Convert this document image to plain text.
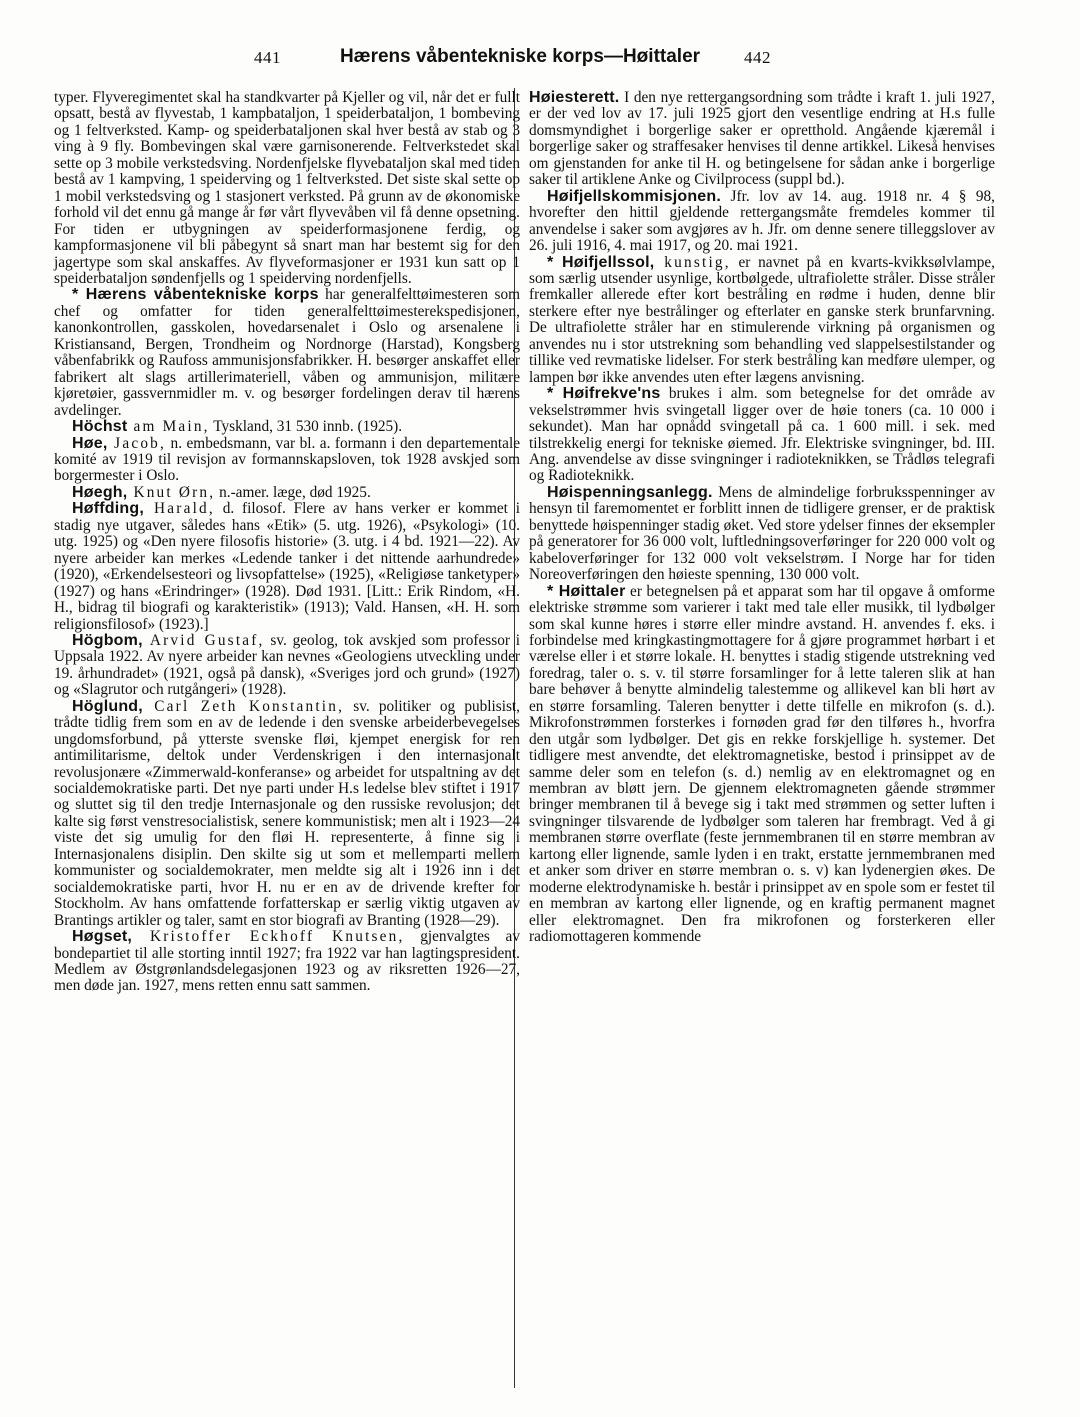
441	Hærens våbentekniske korps—Høittaler	442

typer. Flyveregimentet skal ha standkvarter på Kjeller og vil, når det er fullt opsatt, bestå av flyvestab, 1 kampbataljon, 1 speiderbataljon, 1 bombeving og 1 feltverksted. Kamp- og speiderbataljonen skal hver bestå av stab og 3 ving à 9 fly. Bombevingen skal være garnisonerende. Feltverkstedet skal sette op 3 mobile verkstedsving. Nordenfjelske flyvebataljon skal med tiden bestå av 1 kampving, 1 speiderving og 1 feltverksted. Det siste skal sette op 1 mobil verkstedsving og 1 stasjonert verksted. På grunn av de økonomiske forhold vil det ennu gå mange år før vårt flyvevåben vil få denne opsetning. For tiden er utbygningen av speiderformasjonene ferdig, og kampformasjonene vil bli påbegynt så snart man har bestemt sig for den jagertype som skal anskaffes. Av flyveformasjoner er 1931 kun satt op 1 speiderbataljon søndenfjells og 1 speiderving nordenfjells.

* Hærens våbentekniske korps har generalfelttøimesteren som chef og omfatter for tiden generalfelttøimesterekspedisjonen, kanonkontrollen, gasskolen, hovedarsenalet i Oslo og arsenalene i Kristiansand, Bergen, Trondheim og Nordnorge (Harstad), Kongsberg våbenfabrikk og Raufoss ammunisjonsfabrikker. H. besørger anskaffet eller fabrikert alt slags artillerimateriell, våben og ammunisjon, militære kjøretøier, gassvernmidler m. v. og besørger fordelingen derav til hærens avdelinger.

Höchst am Main, Tyskland, 31 530 innb. (1925).

Høe, Jacob, n. embedsmann, var bl. a. formann i den departementale komité av 1919 til revisjon av formannskapsloven, tok 1928 avskjed som borgermester i Oslo.

Høegh, Knut Ørn, n.-amer. læge, død 1925.

Høffding, Harald, d. filosof. Flere av hans verker er kommet i stadig nye utgaver, således hans «Etik» (5. utg. 1926), «Psykologi» (10. utg. 1925) og «Den nyere filosofis historie» (3. utg. i 4 bd. 1921—22). Av nyere arbeider kan merkes «Ledende tanker i det nittende aarhundrede» (1920), «Erkendelsesteori og livsopfattelse» (1925), «Religiøse tanketyper» (1927) og hans «Erindringer» (1928). Død 1931. [Litt.: Erik Rindom, «H. H., bidrag til biografi og karakteristik» (1913); Vald. Hansen, «H. H. som religionsfilosof» (1923).]

Högbom, Arvid Gustaf, sv. geolog, tok avskjed som professor i Uppsala 1922. Av nyere arbeider kan nevnes «Geologiens utveckling under 19. århundradet» (1921, også på dansk), «Sveriges jord och grund» (1927) og «Slagrutor och rutgångeri» (1928).

Höglund, Carl Zeth Konstantin, sv. politiker og publisist, trådte tidlig frem som en av de ledende i den svenske arbeiderbevegelses ungdomsforbund, på ytterste svenske fløi, kjempet energisk for ren antimilitarisme, deltok under Verdenskrigen i den internasjonalt revolusjonære «Zimmerwald-konferanse» og arbeidet for utspaltning av det socialdemokratiske parti. Det nye parti under H.s ledelse blev stiftet i 1917 og sluttet sig til den tredje Internasjonale og den russiske revolusjon; det kalte sig først venstresocialistisk, senere kommunistisk; men alt i 1923—24 viste det sig umulig for den fløi H. representerte, å finne sig i Internasjonalens disiplin. Den skilte sig ut som et mellemparti mellem kommunister og socialdemokrater, men meldte sig alt i 1926 inn i det socialdemokratiske parti, hvor H. nu er en av de drivende krefter for Stockholm. Av hans omfattende forfatterskap er særlig viktig utgaven av Brantings artikler og taler, samt en stor biografi av Branting (1928—29).

Høgset, Kristoffer Eckhoff Knutsen, gjenvalgtes av bondepartiet til alle storting inntil 1927; fra 1922 var han lagtingspresident. Medlem av Østgrønlandsdelegasjonen 1923 og av riksretten 1926—27, men døde jan. 1927, mens retten ennu satt sammen.

Høiesterett. I den nye rettergangsordning som trådte i kraft 1. juli 1927, er der ved lov av 17. juli 1925 gjort den vesentlige endring at H.s fulle domsmyndighet i borgerlige saker er opretthold. Angående kjæremål i borgerlige saker og straffesaker henvises til denne artikkel. Likeså henvises om gjenstanden for anke til H. og betingelsene for sådan anke i borgerlige saker til artiklene Anke og Civilprocess (suppl bd.).

Høifjellskommisjonen. Jfr. lov av 14. aug. 1918 nr. 4 § 98, hvorefter den hittil gjeldende rettergangsmåte fremdeles kommer til anvendelse i saker som avgjøres av h. Jfr. om denne senere tilleggslover av 26. juli 1916, 4. mai 1917, og 20. mai 1921.

* Høifjellssol, kunstig, er navnet på en kvarts-kvikksølvlampe, som særlig utsender usynlige, kortbølgede, ultrafiolette stråler. Disse stråler fremkaller allerede efter kort bestråling en rødme i huden, denne blir sterkere efter nye bestrålinger og efterlater en ganske sterk brunfarvning. De ultrafiolette stråler har en stimulerende virkning på organismen og anvendes nu i stor utstrekning som behandling ved slappelsestilstander og tillike ved revmatiske lidelser. For sterk bestråling kan medføre ulemper, og lampen bør ikke anvendes uten efter lægens anvisning.

* Høifrekve'ns brukes i alm. som betegnelse for det område av vekselstrømmer hvis svingetall ligger over de høie toners (ca. 10 000 i sekundet). Man har opnådd svingetall på ca. 1 600 mill. i sek. med tilstrekkelig energi for tekniske øiemed. Jfr. Elektriske svingninger, bd. III. Ang. anvendelse av disse svingninger i radioteknikken, se Trådløs telegrafi og Radioteknikk.

Høispenningsanlegg. Mens de almindelige forbruksspenninger av hensyn til faremomentet er forblitt innen de tidligere grenser, er de praktisk benyttede høispenninger stadig øket. Ved store ydelser finnes der eksempler på generatorer for 36 000 volt, luftledningsoverføringer for 220 000 volt og kabeloverføringer for 132 000 volt vekselstrøm. I Norge har for tiden Noreoverføringen den høieste spenning, 130 000 volt.

* Høittaler er betegnelsen på et apparat som har til opgave å omforme elektriske strømme som varierer i takt med tale eller musikk, til lydbølger som skal kunne høres i større eller mindre avstand. H. anvendes f. eks. i forbindelse med kringkastingmottagere for å gjøre programmet hørbart i et værelse eller i et større lokale. H. benyttes i stadig stigende utstrekning ved foredrag, taler o. s. v. til større forsamlinger for å lette taleren slik at han bare behøver å benytte almindelig talestemme og allikevel kan bli hørt av en større forsamling. Taleren benytter i dette tilfelle en mikrofon (s. d.). Mikrofonstrømmen forsterkes i fornøden grad før den tilføres h., hvorfra den utgår som lydbølger. Det gis en rekke forskjellige h. systemer. Det tidligere mest anvendte, det elektromagnetiske, bestod i prinsippet av de samme deler som en telefon (s. d.) nemlig av en elektromagnet og en membran av bløtt jern. De gjennem elektromagneten gående strømmer bringer membranen til å bevege sig i takt med strømmen og setter luften i svingninger tilsvarende de lydbølger som taleren har frembragt. Ved å gi membranen større overflate (feste jernmembranen til en større membran av kartong eller lignende, samle lyden i en trakt, erstatte jernmembranen med et anker som driver en større membran o. s. v) kan lydenergien økes. De moderne elektrodynamiske h. består i prinsippet av en spole som er festet til en membran av kartong eller lignende, og en kraftig permanent magnet eller elektromagnet. Den fra mikrofonen og forsterkeren eller radiomottageren kommende
